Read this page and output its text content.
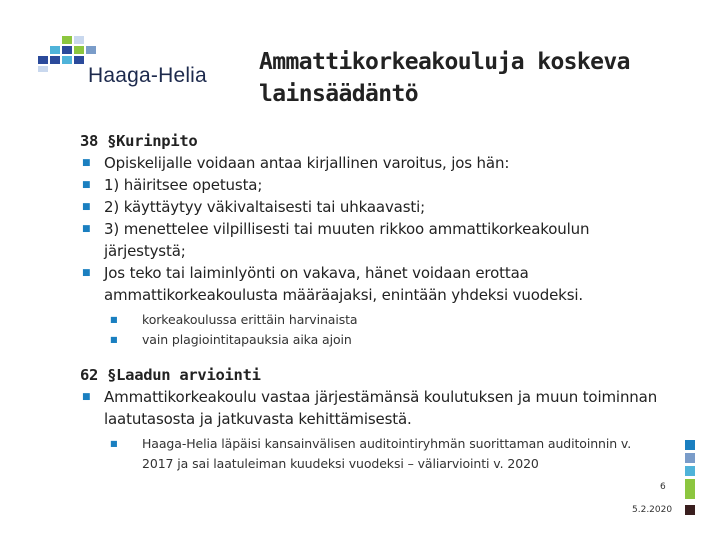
Haaga-Helia
Ammattikorkeakouluja koskeva lainsäädäntö

38 §Kurinpito

■ Opiskelijalle voidaan antaa kirjallinen varoitus, jos hän:
■ 1) häiritsee opetusta;
■ 2) käyttäytyy väkivaltaisesti tai uhkaavasti;
■ 3) menettelee vilpillisesti tai muuten rikkoo ammattikorkeakoulun järjestystä;
■ Jos teko tai laiminlyönti on vakava, hänet voidaan erottaa ammattikorkeakoulusta määräajaksi, enintään yhdeksi vuodeksi.
■ korkeakoulussa erittäin harvinaista
■ vain plagiointitapauksia aika ajoin

62 §Laadun arviointi

■ Ammattikorkeakoulu vastaa järjestämänsä koulutuksen ja muun toiminnan laatutasosta ja jatkuvasta kehittämisestä.
■ Haaga-Helia läpäisi kansainvälisen auditointiryhmän suorittaman auditoinnin v. 2017 ja sai laatuleiman kuudeksi vuodeksi – väliarviointi v. 2020
6
5.2.2020
